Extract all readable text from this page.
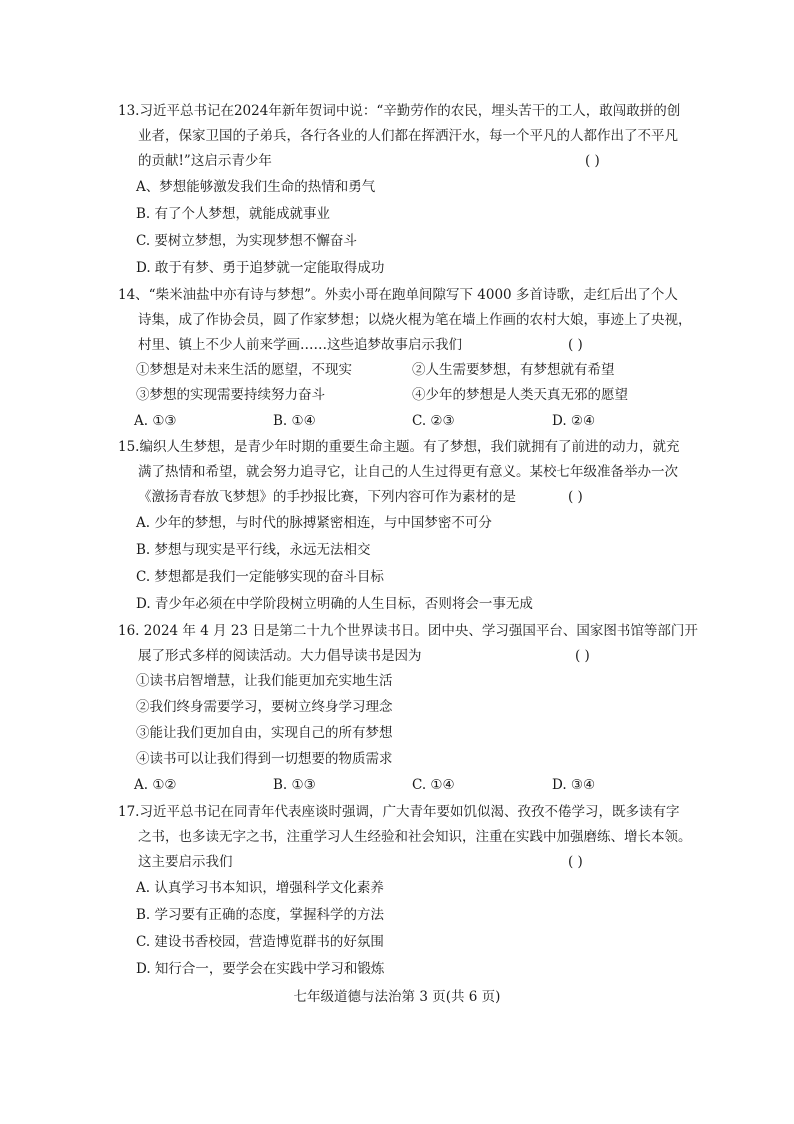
13.习近平总书记在2024年新年贺词中说：“辛勤劳作的农民，埋头苦干的工人，敢闯敢拼的创
业者，保家卫国的子弟兵，各行各业的人们都在挥洒汗水，每一个平凡的人都作出了不平凡
的贡献!”这启示青少年	( )
A、梦想能够激发我们生命的热情和勇气
B. 有了个人梦想，就能成就事业
C. 要树立梦想，为实现梦想不懈奋斗
D. 敢于有梦、勇于追梦就一定能取得成功
14、“柴米油盐中亦有诗与梦想”。外卖小哥在跑单间隙写下 4000 多首诗歌，走红后出了个人
诗集，成了作协会员，圆了作家梦想；以烧火棍为笔在墙上作画的农村大娘，事迹上了央视，
村里、镇上不少人前来学画……这些追梦故事启示我们	( )
①梦想是对未来生活的愿望，不现实	②人生需要梦想，有梦想就有希望
③梦想的实现需要持续努力奋斗	④少年的梦想是人类天真无邪的愿望
A. ①③	B. ①④	C. ②③	D. ②④
15.编织人生梦想，是青少年时期的重要生命主题。有了梦想，我们就拥有了前进的动力，就充
满了热情和希望，就会努力追寻它，让自己的人生过得更有意义。某校七年级准备举办一次
《激扬青春放飞梦想》的手抄报比赛，下列内容可作为素材的是	( )
A. 少年的梦想，与时代的脉搏紧密相连，与中国梦密不可分
B. 梦想与现实是平行线，永远无法相交
C. 梦想都是我们一定能够实现的奋斗目标
D. 青少年必须在中学阶段树立明确的人生目标，否则将会一事无成
16. 2024 年 4 月 23 日是第二十九个世界读书日。团中央、学习强国平台、国家图书馆等部门开
展了形式多样的阅读活动。大力倡导读书是因为	( )
①读书启智增慧，让我们能更加充实地生活
②我们终身需要学习，要树立终身学习理念
③能让我们更加自由，实现自己的所有梦想
④读书可以让我们得到一切想要的物质需求
A. ①②	B. ①③	C. ①④	D. ③④
17.习近平总书记在同青年代表座谈时强调，广大青年要如饥似渴、孜孜不倦学习，既多读有字
之书，也多读无字之书，注重学习人生经验和社会知识，注重在实践中加强磨练、增长本领。
这主要启示我们	( )
A. 认真学习书本知识，增强科学文化素养
B. 学习要有正确的态度，掌握科学的方法
C. 建设书香校园，营造博览群书的好氛围
D. 知行合一，要学会在实践中学习和锻炼
七年级道德与法治第 3 页(共 6 页)
